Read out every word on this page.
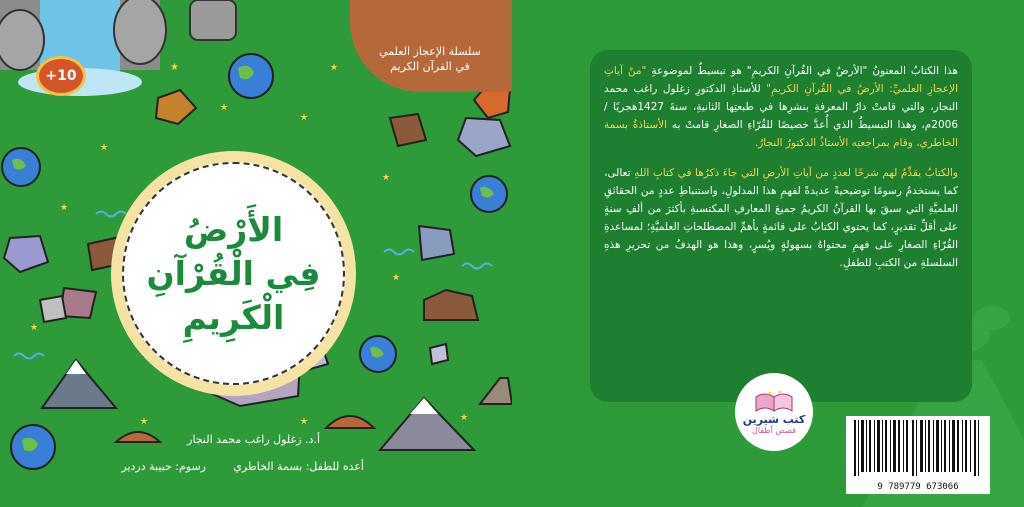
★
★
★
★
★
★
★	★
★
★
★
★
سلسلة الإعجاز العلمي
في القرآن الكريم
+10
الأَرْضُ
فِي الْقُرْآنِ
الْكَرِيمِ
أ.د. زغلول راغب محمد النجار
أعده للطفل: بسمة الخاطري
رسوم: حبيبة دردير

هذا الكتابُ المعنونُ "الأرضُ في القُرآنِ الكريمِ" هو تبسيطٌ لموضوعةِ "منْ آياتِ الإعجازِ العلميِّ: الأرضُ في القُرآنِ الكريمِ" للأستاذِ الدكتورِ زغلول راغب محمد النجار، والتي قامتْ دارُ المعرفةِ بنشرِها في طبعتِها الثانيةِ، سنةَ 1427هجريًا / 2006م، وهذا التبسيطُ الذي أُعدَّ خصيصًا للقُرّاءِ الصغارِ قامتْ به الأستاذةُ بسمة الخاطري، وقام بمراجعتِه الأستاذُ الدكتورُ النجارُ.

والكتابُ يقدِّمُ لهم شرحًا لعددٍ من آياتِ الأرضِ التي جاءَ ذكرُها في كتابِ اللهِ تعالى، كما يستخدمُ رسومًا توضيحيةً عديدةً لفهمِ هذا المدلولِ، واستنباطِ عددٍ من الحقائقِ العلميَّةِ التي سبقَ بها القرآنُ الكريمُ جميعَ المعارفِ المكتسبةِ بأكثرَ من ألفِ سنةٍ على أقلِّ تقديرٍ، كما يحتوي الكتابُ على قائمةٍ بأهمِّ المصطلحاتِ العلميَّةِ؛ لمساعدةِ القُرّاءِ الصغارِ على فهمِ محتواهُ بسهولةٍ ويُسرٍ، وهذا هو الهدفُ من تحريرِ هذهِ السلسلةِ من الكتبِ للطفلِ.

★ ★
كتب شيرين
قصص أطفال
9 789779 673066
